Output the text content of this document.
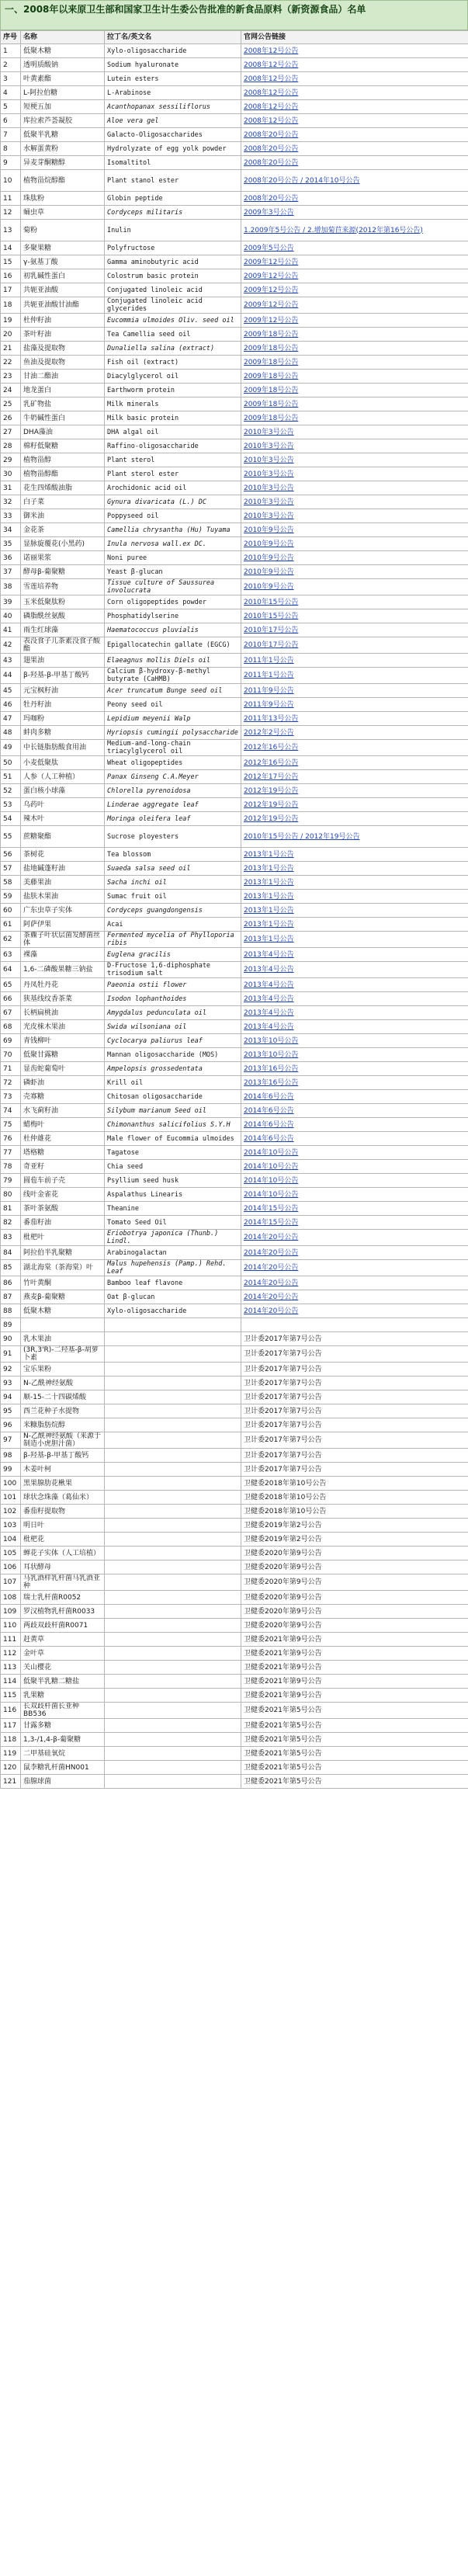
一、2008年以来原卫生部和国家卫生计生委公告批准的新食品原料（新资源食品）名单
序号	名称	拉丁名/英文名	官网公告链接
1	低聚木糖	Xylo-oligosaccharide	2008年12号公告
2	透明质酸钠	Sodium hyaluronate	2008年12号公告
3	叶黄素酯	Lutein esters	2008年12号公告
4	L-阿拉伯糖	L-Arabinose	2008年12号公告
5	短梗五加	Acanthopanax sessiliflorus	2008年12号公告
6	库拉索芦荟凝胶	Aloe vera gel	2008年12号公告
7	低聚半乳糖	Galacto-Oligosaccharides	2008年20号公告
8	水解蛋黄粉	Hydrolyzate of egg yolk powder	2008年20号公告
9	异麦芽酮糖醇	Isomaltitol	2008年20号公告
10	植物甾烷醇酯	Plant stanol ester	2008年20号公告 / 2014年10号公告
11	珠肽粉	Globin peptide	2008年20号公告
12	蛹虫草	Cordyceps militaris	2009年3号公告
13	菊粉	Inulin	1.2009年5号公告 / 2.增加菊苣来源(2012年第16号公告)
14	多聚果糖	Polyfructose	2009年5号公告
15	γ-氨基丁酸	Gamma aminobutyric acid	2009年12号公告
16	初乳碱性蛋白	Colostrum basic protein	2009年12号公告
17	共轭亚油酸	Conjugated linoleic acid	2009年12号公告
18	共轭亚油酸甘油酯	Conjugated linoleic acid glycerides	2009年12号公告
19	杜仲籽油	Eucommia ulmoides Oliv. seed oil	2009年12号公告
20	茶叶籽油	Tea Camellia seed oil	2009年18号公告
21	盐藻及提取物	Dunaliella salina (extract)	2009年18号公告
22	鱼油及提取物	Fish oil (extract)	2009年18号公告
23	甘油二酯油	Diacylglycerol oil	2009年18号公告
24	地龙蛋白	Earthworm protein	2009年18号公告
25	乳矿物盐	Milk minerals	2009年18号公告
26	牛奶碱性蛋白	Milk basic protein	2009年18号公告
27	DHA藻油	DHA algal oil	2010年3号公告
28	棉籽低聚糖	Raffino-oligosaccharide	2010年3号公告
29	植物甾醇	Plant sterol	2010年3号公告
30	植物甾醇酯	Plant sterol ester	2010年3号公告
31	花生四烯酸油脂	Arochidonic acid oil	2010年3号公告
32	白子菜	Gynura divaricata (L.) DC	2010年3号公告
33	御米油	Poppyseed oil	2010年3号公告
34	金花茶	Camellia chrysantha (Hu) Tuyama	2010年9号公告
35	显脉旋覆花(小黑药)	Inula nervosa wall.ex DC.	2010年9号公告
36	诺丽果浆	Noni puree	2010年9号公告
37	酵母β-葡聚糖	Yeast β-glucan	2010年9号公告
38	雪莲培养物	Tissue culture of Saussurea involucrata	2010年9号公告
39	玉米低聚肽粉	Corn oligopeptides powder	2010年15号公告
40	磷脂酰丝氨酸	Phosphatidylserine	2010年15号公告
41	雨生红球藻	Haematococcus pluvialis	2010年17号公告
42	表没食子儿茶素没食子酸酯	Epigallocatechin gallate (EGCG)	2010年17号公告
43	翅果油	Elaeagnus mollis Diels oil	2011年1号公告
44	β-羟基-β-甲基丁酸钙	Calcium β-hydroxy-β-methyl butyrate (CaHMB)	2011年1号公告
45	元宝枫籽油	Acer truncatum Bunge seed oil	2011年9号公告
46	牡丹籽油	Peony seed oil	2011年9号公告
47	玛咖粉	Lepidium meyenii Walp	2011年13号公告
48	蚌肉多糖	Hyriopsis cumingii polysaccharide	2012年2号公告
49	中长链脂肪酸食用油	Medium-and-long-chain triacylglycerol oil	2012年16号公告
50	小麦低聚肽	Wheat oligopeptides	2012年16号公告
51	人参（人工种植）	Panax Ginseng C.A.Meyer	2012年17号公告
52	蛋白核小球藻	Chlorella pyrenoidosa	2012年19号公告
53	乌药叶	Linderae aggregate leaf	2012年19号公告
54	辣木叶	Moringa oleifera leaf	2012年19号公告
55	蔗糖聚酯	Sucrose ployesters	2010年15号公告 / 2012年19号公告
56	茶树花	Tea blossom	2013年1号公告
57	盐地碱蓬籽油	Suaeda salsa seed oil	2013年1号公告
58	美藤果油	Sacha inchi oil	2013年1号公告
59	盐肤木果油	Sumac fruit oil	2013年1号公告
60	广东虫草子实体	Cordyceps guangdongensis	2013年1号公告
61	阿萨伊果	Acai	2013年1号公告
62	茶藨子叶状层菌发酵菌丝体	Fermented mycelia of Phylloporia ribis	2013年1号公告
63	裸藻	Euglena gracilis	2013年4号公告
64	1,6-二磷酸果糖三钠盐	D-Fructose 1,6-diphosphate trisodium salt	2013年4号公告
65	丹凤牡丹花	Paeonia ostii flower	2013年4号公告
66	狭基线纹香茶菜	Isodon lophanthoides	2013年4号公告
67	长柄扁桃油	Amygdalus pedunculata oil	2013年4号公告
68	光皮梾木果油	Swida wilsoniana oil	2013年4号公告
69	青钱柳叶	Cyclocarya paliurus leaf	2013年10号公告
70	低聚甘露糖	Mannan oligosaccharide (MOS)	2013年10号公告
71	显齿蛇葡萄叶	Ampelopsis grossedentata	2013年16号公告
72	磷虾油	Krill oil	2013年16号公告
73	壳寡糖	Chitosan oligosaccharide	2014年6号公告
74	水飞蓟籽油	Silybum marianum Seed oil	2014年6号公告
75	蜡梅叶	Chimonanthus salicifolius S.Y.H	2014年6号公告
76	杜仲雄花	Male flower of Eucommia ulmoides	2014年6号公告
77	塔格糖	Tagatose	2014年10号公告
78	奇亚籽	Chia seed	2014年10号公告
79	圆苞车前子壳	Psyllium seed husk	2014年10号公告
80	线叶金雀花	Aspalathus Linearis	2014年10号公告
81	茶叶茶氨酸	Theanine	2014年15号公告
82	番茄籽油	Tomato Seed Oil	2014年15号公告
83	枇杷叶	Eriobotrya japonica (Thunb.) Lindl.	2014年20号公告
84	阿拉伯半乳聚糖	Arabinogalactan	2014年20号公告
85	湖北海棠（茶海棠）叶	Malus hupehensis (Pamp.) Rehd. Leaf	2014年20号公告
86	竹叶黄酮	Bamboo leaf flavone	2014年20号公告
87	燕麦β-葡聚糖	Oat β-glucan	2014年20号公告
88	低聚木糖	Xylo-oligosaccharide	2014年20号公告
89			
90	乳木果油		卫计委2017年第7号公告
91	(3R,3'R)-二羟基-β-胡萝卜素		卫计委2017年第7号公告
92	宝乐果粉		卫计委2017年第7号公告
93	N-乙酰神经氨酸		卫计委2017年第7号公告
94	顺-15-二十四碳烯酸		卫计委2017年第7号公告
95	西兰花种子水提物		卫计委2017年第7号公告
96	米糠脂肪烷醇		卫计委2017年第7号公告
97	N-乙酰神经氨酸（来源于制造小虎胆汁菌）		卫计委2017年第7号公告
98	β-羟基-β-甲基丁酸钙		卫计委2017年第7号公告
99	木姜叶柯		卫计委2017年第7号公告
100	黑果腺肋花楸果		卫健委2018年第10号公告
101	球状念珠藻（葛仙米）		卫健委2018年第10号公告
102	番茄籽提取物		卫健委2018年第10号公告
103	明日叶		卫健委2019年第2号公告
104	枇杷花		卫健委2019年第2号公告
105	蝉花子实体（人工培植）		卫健委2020年第9号公告
106	耳状酵母		卫健委2020年第9号公告
107	马乳酒样乳杆菌马乳酒亚种		卫健委2020年第9号公告
108	瑞士乳杆菌R0052		卫健委2020年第9号公告
109	罗汉植物乳杆菌R0033		卫健委2020年第9号公告
110	两歧双歧杆菌R0071		卫健委2020年第9号公告
111	赶黄草		卫健委2021年第9号公告
112	金叶草		卫健委2021年第9号公告
113	关山樱花		卫健委2021年第9号公告
114	低聚半乳糖二糖盐		卫健委2021年第9号公告
115	乳果糖		卫健委2021年第9号公告
116	长双歧杆菌长亚种BB536		卫健委2021年第5号公告
117	甘露多糖		卫健委2021年第5号公告
118	1,3-/1,4-β-葡聚糖		卫健委2021年第5号公告
119	二甲基硅氧烷		卫健委2021年第5号公告
120	鼠李糖乳杆菌HN001		卫健委2021年第5号公告
121	茄腺球菌		卫健委2021年第5号公告
